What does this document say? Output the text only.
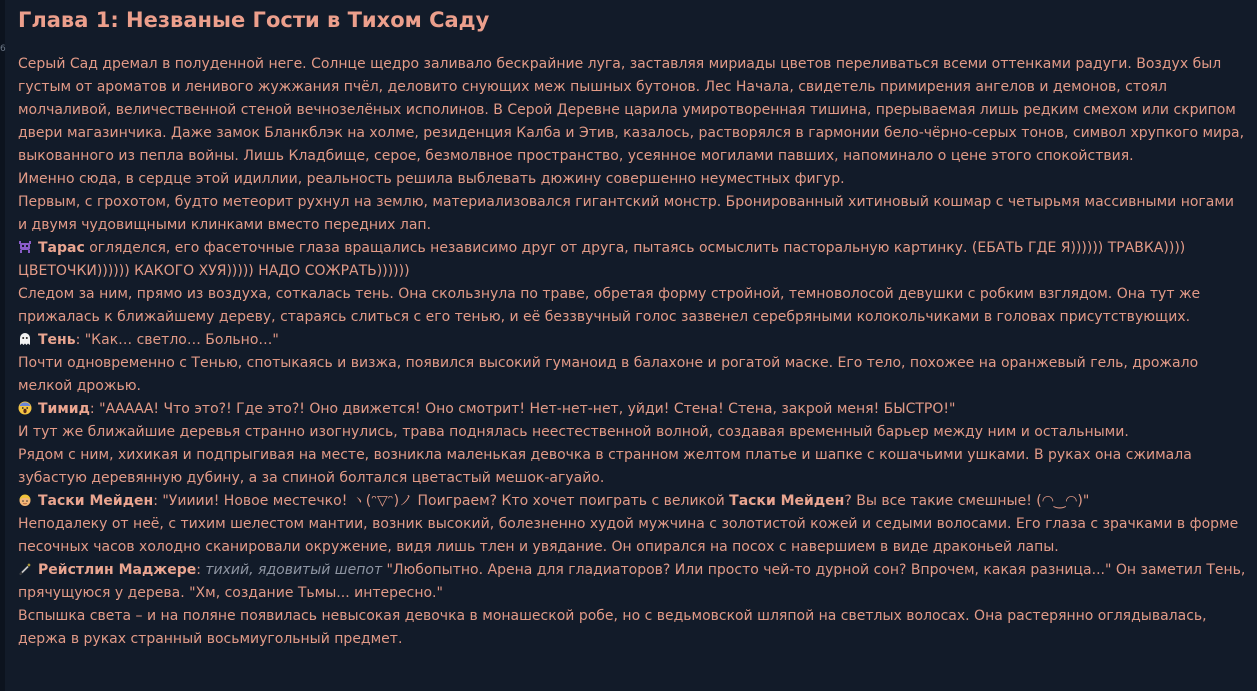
6
Глава 1: Незваные Гости в Тихом Саду

Серый Сад дремал в полуденной неге. Солнце щедро заливало бескрайние луга, заставляя мириады цветов переливаться всеми оттенками радуги. Воздух был густым от ароматов и ленивого жужжания пчёл, деловито снующих меж пышных бутонов. Лес Начала, свидетель примирения ангелов и демонов, стоял молчаливой, величественной стеной вечнозелёных исполинов. В Серой Деревне царила умиротворенная тишина, прерываемая лишь редким смехом или скрипом двери магазинчика. Даже замок Бланкблэк на холме, резиденция Калба и Этив, казалось, растворялся в гармонии бело-чёрно-серых тонов, символ хрупкого мира, выкованного из пепла войны. Лишь Кладбище, серое, безмолвное пространство, усеянное могилами павших, напоминало о цене этого спокойствия.

Именно сюда, в сердце этой идиллии, реальность решила выблевать дюжину совершенно неуместных фигур.

Первым, с грохотом, будто метеорит рухнул на землю, материализовался гигантский монстр. Бронированный хитиновый кошмар с четырьмя массивными ногами и двумя чудовищными клинками вместо передних лап.

Тарас огляделся, его фасеточные глаза вращались независимо друг от друга, пытаясь осмыслить пасторальную картинку. (ЕБАТЬ ГДЕ Я)))))) ТРАВКА)))) ЦВЕТОЧКИ)))))) КАКОГО ХУЯ))))) НАДО СОЖРАТЬ))))))

Следом за ним, прямо из воздуха, соткалась тень. Она скользнула по траве, обретая форму стройной, темноволосой девушки с робким взглядом. Она тут же прижалась к ближайшему дереву, стараясь слиться с его тенью, и её беззвучный голос зазвенел серебряными колокольчиками в головах присутствующих.

Тень: "Как… светло… Больно…"

Почти одновременно с Тенью, спотыкаясь и визжа, появился высокий гуманоид в балахоне и рогатой маске. Его тело, похожее на оранжевый гель, дрожало мелкой дрожью.

Тимид: "ААААА! Что это?! Где это?! Оно движется! Оно смотрит! Нет-нет-нет, уйди! Стена! Стена, закрой меня! БЫСТРО!"

И тут же ближайшие деревья странно изогнулись, трава поднялась неестественной волной, создавая временный барьер между ним и остальными.

Рядом с ним, хихикая и подпрыгивая на месте, возникла маленькая девочка в странном желтом платье и шапке с кошачьими ушками. В руках она сжимала зубастую деревянную дубину, а за спиной болтался цветастый мешок-агуайо.

Таски Мейден: "Уииии! Новое местечко! ヽ(ᵔ▽ᵔ)ノ Поиграем? Кто хочет поиграть с великой Таски Мейден? Вы все такие смешные! (◠‿◠)"

Неподалеку от неё, с тихим шелестом мантии, возник высокий, болезненно худой мужчина с золотистой кожей и седыми волосами. Его глаза с зрачками в форме песочных часов холодно сканировали окружение, видя лишь тлен и увядание. Он опирался на посох с навершием в виде драконьей лапы.

Рейстлин Маджере: тихий, ядовитый шепот "Любопытно. Арена для гладиаторов? Или просто чей-то дурной сон? Впрочем, какая разница..." Он заметил Тень, прячущуюся у дерева. "Хм, создание Тьмы... интересно."

Вспышка света – и на поляне появилась невысокая девочка в монашеской робе, но с ведьмовской шляпой на светлых волосах. Она растерянно оглядывалась, держа в руках странный восьмиугольный предмет.
